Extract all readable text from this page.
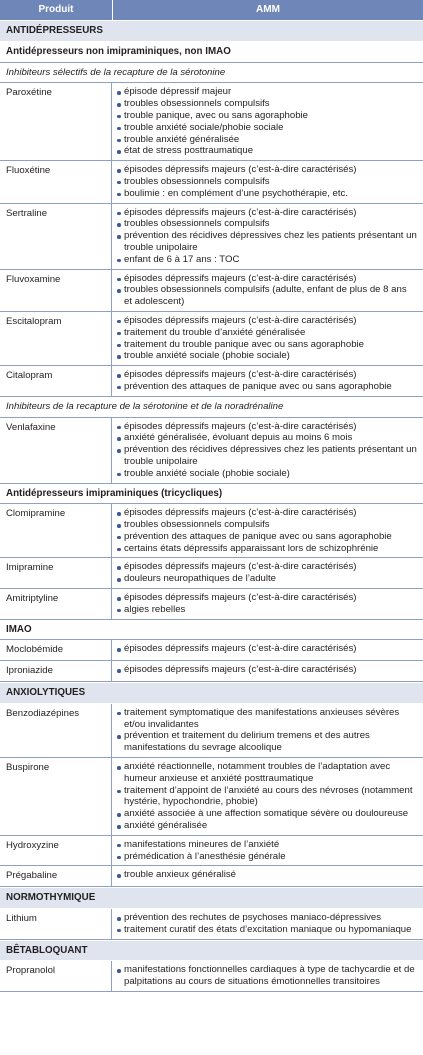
Produit	AMM
ANTIDÉPRESSEURS
Antidépresseurs non imipraminiques, non IMAO
Inhibiteurs sélectifs de la recapture de la sérotonine
Paroxétine	épisode dépressif majeur
troubles obsessionnels compulsifs
trouble panique, avec ou sans agoraphobie
trouble anxiété sociale/phobie sociale
trouble anxiété généralisée
état de stress posttraumatique
Fluoxétine	épisodes dépressifs majeurs (c’est-à-dire caractérisés)
troubles obsessionnels compulsifs
boulimie : en complément d’une psychothérapie, etc.
Sertraline	épisodes dépressifs majeurs (c’est-à-dire caractérisés)
troubles obsessionnels compulsifs
prévention des récidives dépressives chez les patients présentant un trouble unipolaire
enfant de 6 à 17 ans : TOC
Fluvoxamine	épisodes dépressifs majeurs (c’est-à-dire caractérisés)
troubles obsessionnels compulsifs (adulte, enfant de plus de 8 ans et adolescent)
Escitalopram	épisodes dépressifs majeurs (c’est-à-dire caractérisés)
traitement du trouble d’anxiété généralisée
traitement du trouble panique avec ou sans agoraphobie
trouble anxiété sociale (phobie sociale)
Citalopram	épisodes dépressifs majeurs (c’est-à-dire caractérisés)
prévention des attaques de panique avec ou sans agoraphobie
Inhibiteurs de la recapture de la sérotonine et de la noradrénaline
Venlafaxine	épisodes dépressifs majeurs (c’est-à-dire caractérisés)
anxiété généralisée, évoluant depuis au moins 6 mois
prévention des récidives dépressives chez les patients présentant un trouble unipolaire
trouble anxiété sociale (phobie sociale)
Antidépresseurs imipraminiques (tricycliques)
Clomipramine	épisodes dépressifs majeurs (c’est-à-dire caractérisés)
troubles obsessionnels compulsifs
prévention des attaques de panique avec ou sans agoraphobie
certains états dépressifs apparaissant lors de schizophrénie
Imipramine	épisodes dépressifs majeurs (c’est-à-dire caractérisés)
douleurs neuropathiques de l’adulte
Amitriptyline	épisodes dépressifs majeurs (c’est-à-dire caractérisés)
algies rebelles
IMAO
Moclobémide	épisodes dépressifs majeurs (c’est-à-dire caractérisés)
Iproniazide	épisodes dépressifs majeurs (c’est-à-dire caractérisés)
ANXIOLYTIQUES
Benzodiazépines	traitement symptomatique des manifestations anxieuses sévères et/ou invalidantes
prévention et traitement du delirium tremens et des autres manifestations du sevrage alcoolique
Buspirone	anxiété réactionnelle, notamment troubles de l’adaptation avec humeur anxieuse et anxiété posttraumatique
traitement d’appoint de l’anxiété au cours des névroses (notamment hystérie, hypochondrie, phobie)
anxiété associée à une affection somatique sévère ou douloureuse
anxiété généralisée
Hydroxyzine	manifestations mineures de l’anxiété
prémédication à l’anesthésie générale
Prégabaline	trouble anxieux généralisé
NORMOTHYMIQUE
Lithium	prévention des rechutes de psychoses maniaco-dépressives
traitement curatif des états d’excitation maniaque ou hypomaniaque
BÊTABLOQUANT
Propranolol	manifestations fonctionnelles cardiaques à type de tachycardie et de palpitations au cours de situations émotionnelles transitoires
